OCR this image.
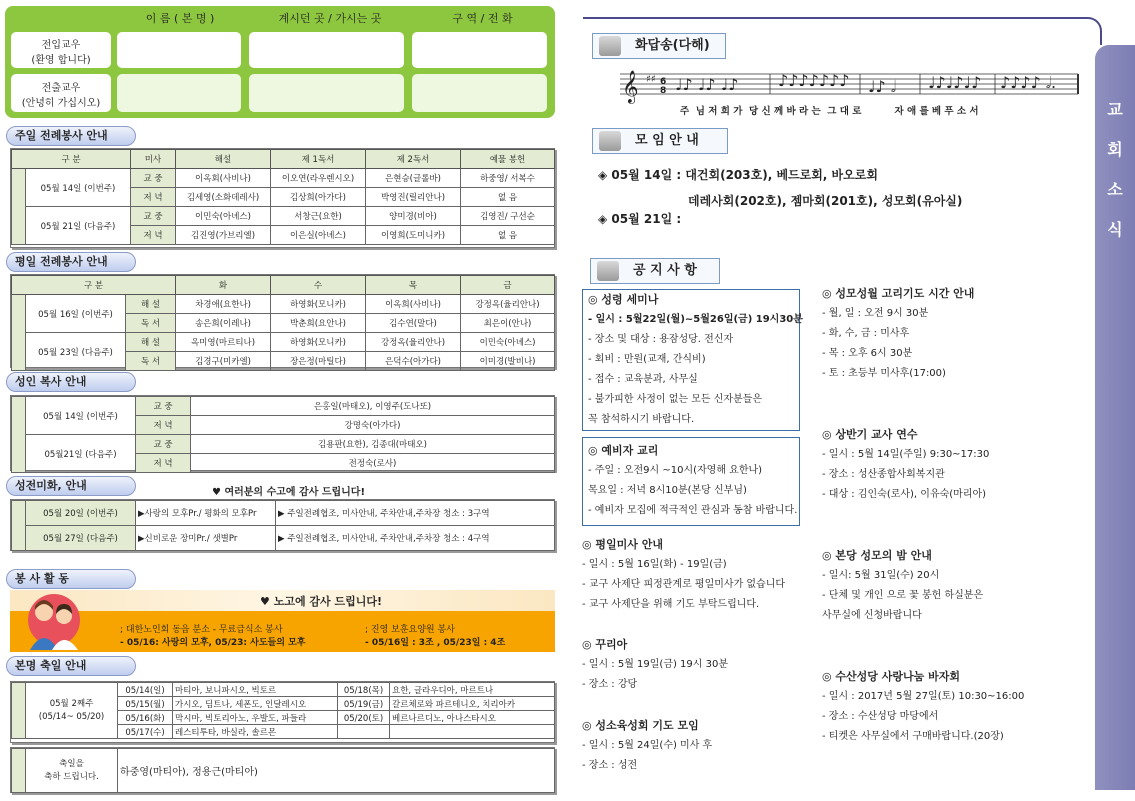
이 름 ( 본 명 )	계시던 곳 / 가시는 곳	구 역 / 전 화
전입교우
(환영 합니다)
전출교우
(안녕히 가십시오)
주일 전례봉사 안내
구 분		미사	해설	제 1독서	제 2독서	예물 봉헌
	05월 14일 (이번주)	교 중	이옥회(사비나)	이오연(라우렌시오)	은현승(글롤바)	하중영/ 서복수
		저 녁	김세영(소화데레사)	김상희(아가다)	박영진(릴리안나)	없 음
	05월 21일 (다음주)	교 중	이민숙(아녜스)	서창근(요한)	양미경(비아)	김영진/ 구선순
		저 녁	김진영(가브리엘)	이은실(아녜스)	이영희(도미니카)	없 음
평일 전례봉사 안내
구 분			화	수	목	금
	05월 16일 (이번주)	해 설	차경애(요한나)	하영화(모니카)	이옥희(사비나)	강정옥(율리안나)
		독 서	송은희(이레나)	박춘희(요안나)	김수연(말다)	최은이(안나)
	05월 23일 (다음주)	해 설	옥미영(마르티나)	하영화(모니카)	강정옥(율리안나)	이민숙(아녜스)
		독 서	김경구(미카엘)	장은정(마틸다)	은덕수(아가다)	이미경(발비나)
성인 복사 안내
	05월 14일 (이번주)	교 중	은홍일(마태오), 이영주(도나또)
		저 녁	강명숙(아가다)
	05월21일 (다음주)	교 중	김용판(요한), 김종대(마태오)
		저 녁	전정숙(로사)
성전미화, 안내
♥ 여러분의 수고에 감사 드립니다!
	05월 20일 (이번주)	▶사랑의 모후Pr./ 평화의 모후Pr	▶ 주일전례협조, 미사안내, 주차안내,주차장 청소 : 3구역
	05월 27일 (다음주)	▶신비로운 장미Pr./ 샛별Pr	▶ 주일전례협조, 미사안내, 주차안내,주차장 청소 : 4구역
봉 사 활 동
♥ 노고에 감사 드립니다!
; 대한노인회 동읍 분소 - 무료급식소 봉사
- 05/16: 사랑의 모후, 05/23: 사도들의 모후
; 진영 보훈요양원 봉사
- 05/16일 : 3조 , 05/23일 : 4조
본명 축일 안내

	05월 2째주
(05/14~ 05/20)	05/14(일)	마티아, 보니파시오, 빅토르	05/18(목)	요한, 글라우디아, 마르트나
		05/15(월)	가시오, 딤트나, 세폰도, 인달레시오	05/19(금)	갈르체로와 파르테니오, 치리아카
		05/16(화)	막시마, 빅토리아노, 우발도, 파들라	05/20(토)	베르나르디노, 아나스타시오
		05/17(수)	레스티투타, 바실라, 솔르몬		

축일을
축하 드립니다.	하중영(마티아), 정용근(마티아)
교
회
소
식
화답송(다해)
𝄞 ♯♯ 6
8 ♩♪ ♩♪ ♩♪ ♪♪♪♪♪♪♪ ♩♪ 𝅗𝅥 ♩♪♩♪♩♪ ♪♪♪♪ 𝅗𝅥.
주  님 저 희 가  당 신 께 바 라 는  그 대 로          자 애 를 베 푸 소 서
모 임 안 내
◈ 05월 14일 : 대건회(203호), 베드로회, 바오로회
데레사회(202호), 젬마회(201호), 성모회(유아실)
◈ 05월 21일 :
공 지 사 항
◎ 성령 세미나
- 일시 : 5월22일(월)~5월26일(금) 19시30분
- 장소 및 대상 : 용잠성당. 전신자
- 회비 : 만원(교재, 간식비)
- 접수 : 교육분과, 사무실
- 불가피한 사정이 없는 모든 신자분들은
꼭 참석하시기 바랍니다.
◎ 예비자 교리
- 주일 : 오전9시 ~10시(자영해 요한나)
목요일 : 저녁 8시10분(본당 신부님)
- 예비자 모집에 적극적인 관심과 동참 바랍니다.
◎ 평일미사 안내
- 일시 : 5월 16일(화) - 19일(금)
- 교구 사제단 피정관계로 평일미사가 없습니다
- 교구 사제단을 위해 기도 부탁드립니다.
◎ 꾸리아
- 일시 : 5월 19일(금) 19시 30분
- 장소 : 강당
◎ 성소육성회 기도 모임
- 일시 : 5월 24일(수) 미사 후
- 장소 : 성전
◎ 성모성월 고리기도 시간 안내
- 월, 일 : 오전 9시 30분
- 화, 수, 금 : 미사후
- 목 : 오후 6시 30분
- 토 : 초등부 미사후(17:00)
◎ 상반기 교사 연수
- 일시 : 5월 14일(주일) 9:30~17:30
- 장소 : 성산종합사회복지관
- 대상 : 김인숙(로사), 이유숙(마리아)
◎ 본당 성모의 밤 안내
- 일시: 5월 31일(수) 20시
- 단체 및 개인 으로 꽃 봉헌 하실분은
사무실에 신청바랍니다
◎ 수산성당 사랑나눔 바자회
- 일시 : 2017년 5월 27일(토) 10:30~16:00
- 장소 : 수산성당 마당에서
- 티켓은 사무실에서 구매바랍니다.(20장)
